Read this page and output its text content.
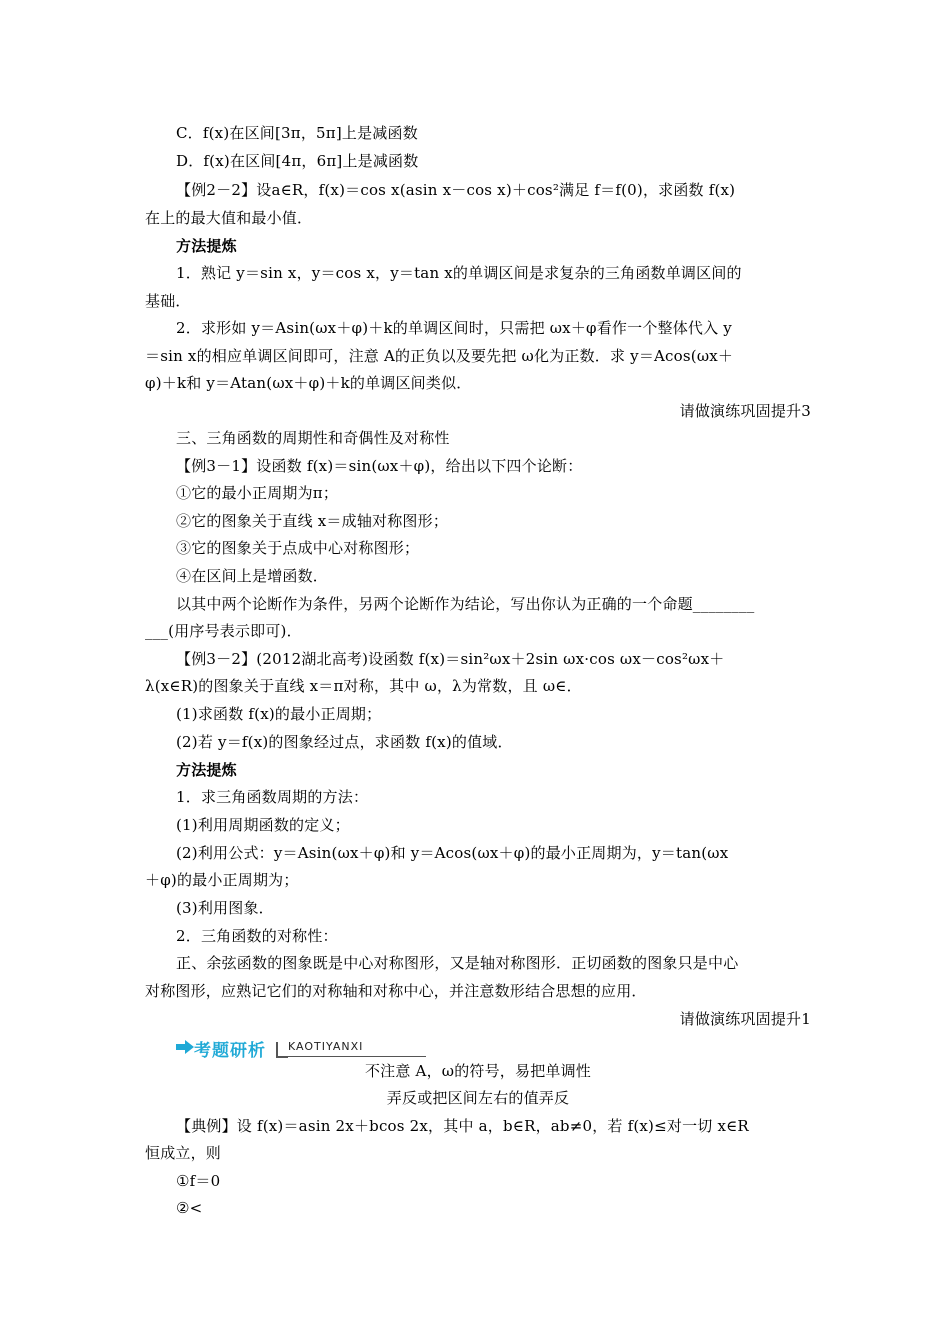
C．f(x)在区间[3π，5π]上是减函数
D．f(x)在区间[4π，6π]上是减函数
【例2－2】设a∈R，f(x)＝cos x(asin x－cos x)＋cos²满足 f＝f(0)，求函数 f(x)
在上的最大值和最小值．
方法提炼
1．熟记 y＝sin x，y＝cos x，y＝tan x的单调区间是求复杂的三角函数单调区间的
基础．
2．求形如 y＝Asin(ωx＋φ)＋k的单调区间时，只需把 ωx＋φ看作一个整体代入 y
＝sin x的相应单调区间即可，注意 A的正负以及要先把 ω化为正数．求 y＝Acos(ωx＋
φ)＋k和 y＝Atan(ωx＋φ)＋k的单调区间类似．
请做演练巩固提升3
三、三角函数的周期性和奇偶性及对称性
【例3－1】设函数 f(x)＝sin(ωx＋φ)，给出以下四个论断：
①它的最小正周期为π；
②它的图象关于直线 x＝成轴对称图形；
③它的图象关于点成中心对称图形；
④在区间上是增函数．
以其中两个论断作为条件，另两个论断作为结论，写出你认为正确的一个命题________
___(用序号表示即可)．
【例3－2】(2012湖北高考)设函数 f(x)＝sin²ωx＋2sin ωx·cos ωx－cos²ωx＋
λ(x∈R)的图象关于直线 x＝π对称，其中 ω，λ为常数，且 ω∈．
(1)求函数 f(x)的最小正周期；
(2)若 y＝f(x)的图象经过点，求函数 f(x)的值域．
方法提炼
1．求三角函数周期的方法：
(1)利用周期函数的定义；
(2)利用公式：y＝Asin(ωx＋φ)和 y＝Acos(ωx＋φ)的最小正周期为，y＝tan(ωx
＋φ)的最小正周期为；
(3)利用图象．
2．三角函数的对称性：
正、余弦函数的图象既是中心对称图形，又是轴对称图形．正切函数的图象只是中心
对称图形，应熟记它们的对称轴和对称中心，并注意数形结合思想的应用．
请做演练巩固提升1
考题研析 KAOTIYANXI
不注意 A，ω的符号，易把单调性
弄反或把区间左右的值弄反
【典例】设 f(x)＝asin 2x＋bcos 2x，其中 a，b∈R，ab≠0，若 f(x)≤对一切 x∈R
恒成立，则
①f＝0
②<
